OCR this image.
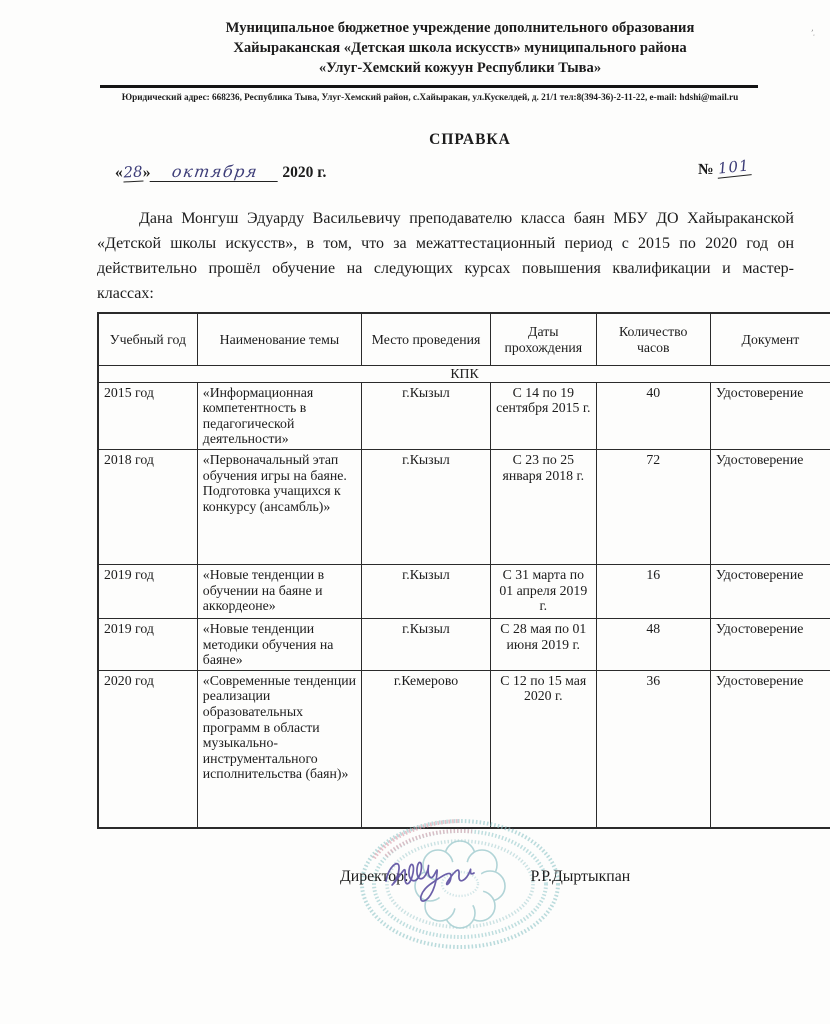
ʼ˒
Муниципальное бюджетное учреждение дополнительного образования
Хайыраканская «Детская школа искусств» муниципального района
«Улуг-Хемский кожуун Республики Тыва»
Юридический адрес: 668236, Республика Тыва, Улуг-Хемский район, с.Хайыракан, ул.Кускелдей, д. 21/1 тел:8(394-36)-2-11-22, e-mail: hdshi@mail.ru
СПРАВКА
«28» октября 2020 г.	№ 101
Дана Монгуш Эдуарду Васильевичу преподавателю класса баян МБУ ДО Хайыраканской «Детской школы искусств», в том, что за межаттестационный период с 2015 по 2020 год он действительно прошёл обучение на следующих курсах повышения квалификации и мастер-классах:
Учебный год	Наименование темы	Место проведения	Даты прохождения	Количество часов	Документ
КПК					
2015 год	«Информационная компетентность в педагогической деятельности»	г.Кызыл	С 14 по 19 сентября 2015 г.	40	Удостоверение
2018 год	«Первоначальный этап обучения игры на баяне. Подготовка учащихся к конкурсу (ансамбль)»	г.Кызыл	С 23 по 25 января 2018 г.	72	Удостоверение
2019 год	«Новые тенденции в обучении на баяне и аккордеоне»	г.Кызыл	С 31 марта по 01 апреля 2019 г.	16	Удостоверение
2019 год	«Новые тенденции методики обучения на баяне»	г.Кызыл	С 28 мая по 01 июня 2019 г.	48	Удостоверение
2020 год	«Современные тенденции реализации образовательных программ в области музыкально-инструментального исполнительства (баян)»	г.Кемерово	С 12 по 15 мая 2020 г.	36	Удостоверение
Директор:	Р.Р.Дыртыкпан
